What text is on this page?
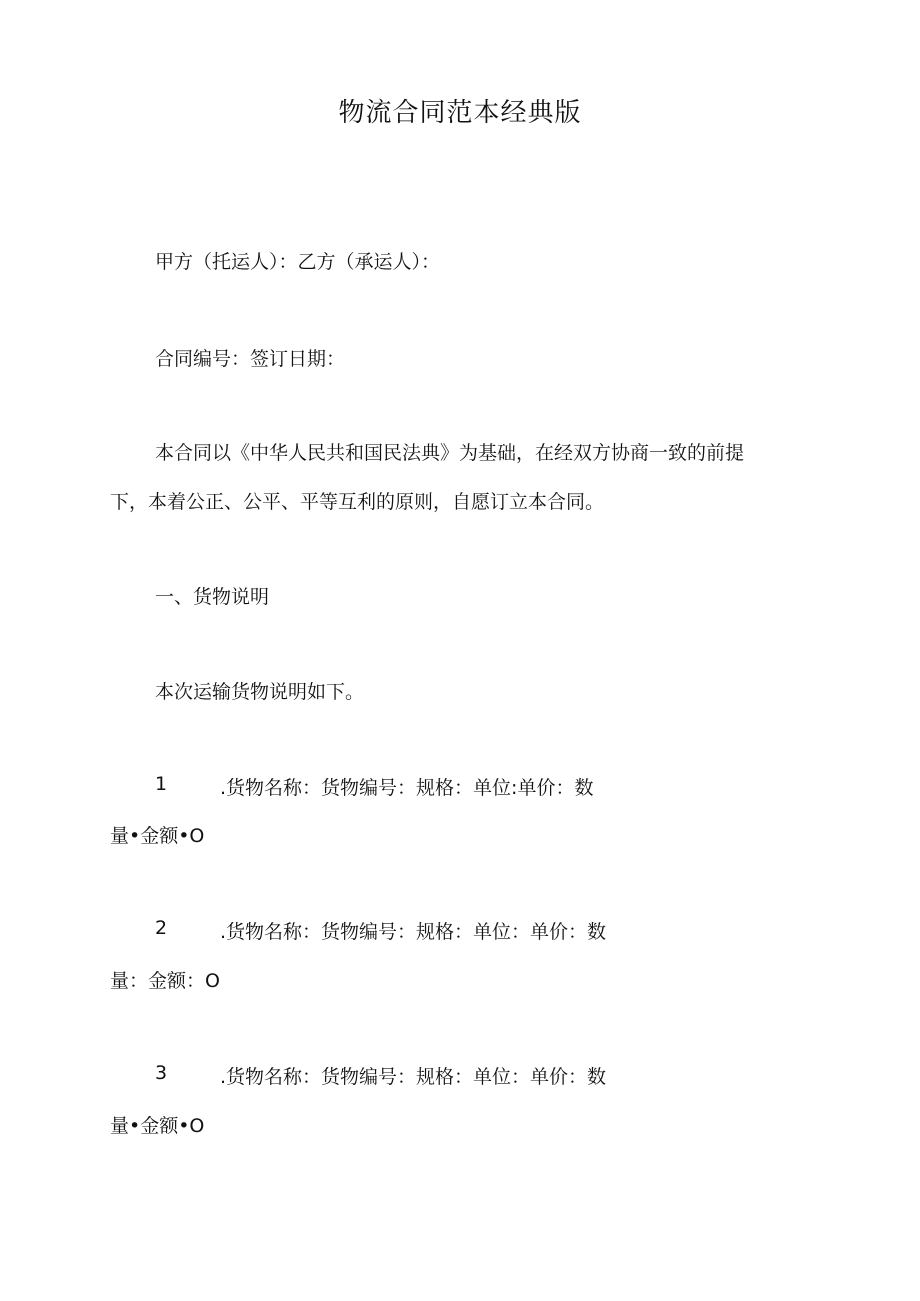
物流合同范本经典版
甲方（托运人）：乙方（承运人）：
合同编号：签订日期：
本合同以《中华人民共和国民法典》为基础，在经双方协商一致的前提
下，本着公正、公平、平等互利的原则，自愿订立本合同。
一、货物说明
本次运输货物说明如下。
1	.货物名称：货物编号：规格：单位:单价：数
量•金额•O
2	.货物名称：货物编号：规格：单位：单价：数
量：金额：O
3	.货物名称：货物编号：规格：单位：单价：数
量•金额•O
